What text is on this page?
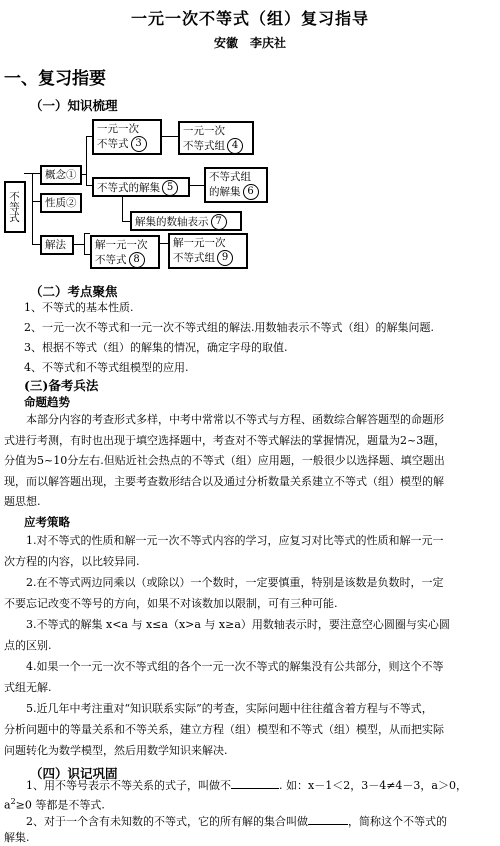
一元一次不等式（组）复习指导
安徽　李庆社
一、复习指要
（一）知识梳理
不等式
概念①
性质②
解法
一元一次
不等式 3
一元一次
不等式组 4
不等式的解集 5
不等式组
的解集 6
解集的数轴表示 7
解一元一次
不等式 8
解一元一次
不等式组 9
（二）考点聚焦
1、不等式的基本性质.
2、一元一次不等式和一元一次不等式组的解法.用数轴表示不等式（组）的解集问题.
3、根据不等式（组）的解集的情况，确定字母的取值.
4、不等式和不等式组模型的应用.
(三)备考兵法
命题趋势
本部分内容的考查形式多样，中考中常常以不等式与方程、函数综合解答题型的命题形
式进行考测，有时也出现于填空选择题中，考查对不等式解法的掌握情况，题量为2~3题，
分值为5~10分左右.但贴近社会热点的不等式（组）应用题，一般很少以选择题、填空题出
现，而以解答题出现，主要考查数形结合以及通过分析数量关系建立不等式（组）模型的解
题思想.
应考策略
1.对不等式的性质和解一元一次不等式内容的学习，应复习对比等式的性质和解一元一
次方程的内容，以比较异同.
2.在不等式两边同乘以（或除以）一个数时，一定要慎重，特别是该数是负数时，一定
不要忘记改变不等号的方向，如果不对该数加以限制，可有三种可能.
3.不等式的解集 x<a 与 x≤a（x>a 与 x≥a）用数轴表示时，要注意空心圆圈与实心圆
点的区别.
4.如果一个一元一次不等式组的各个一元一次不等式的解集没有公共部分，则这个不等
式组无解.
5.近几年中考注重对“知识联系实际”的考查，实际问题中往往蕴含着方程与不等式，
分析问题中的等量关系和不等关系，建立方程（组）模型和不等式（组）模型，从而把实际
问题转化为数学模型，然后用数学知识来解决.
（四）识记巩固
1、用不等号表示不等关系的式子，叫做不	. 如：x－1＜2，3－4≠4－3，a＞0，
$a^2\ge 0$ 等都是不等式.
2、对于一个含有未知数的不等式，它的所有解的集合叫做	，简称这个不等式的
解集.
